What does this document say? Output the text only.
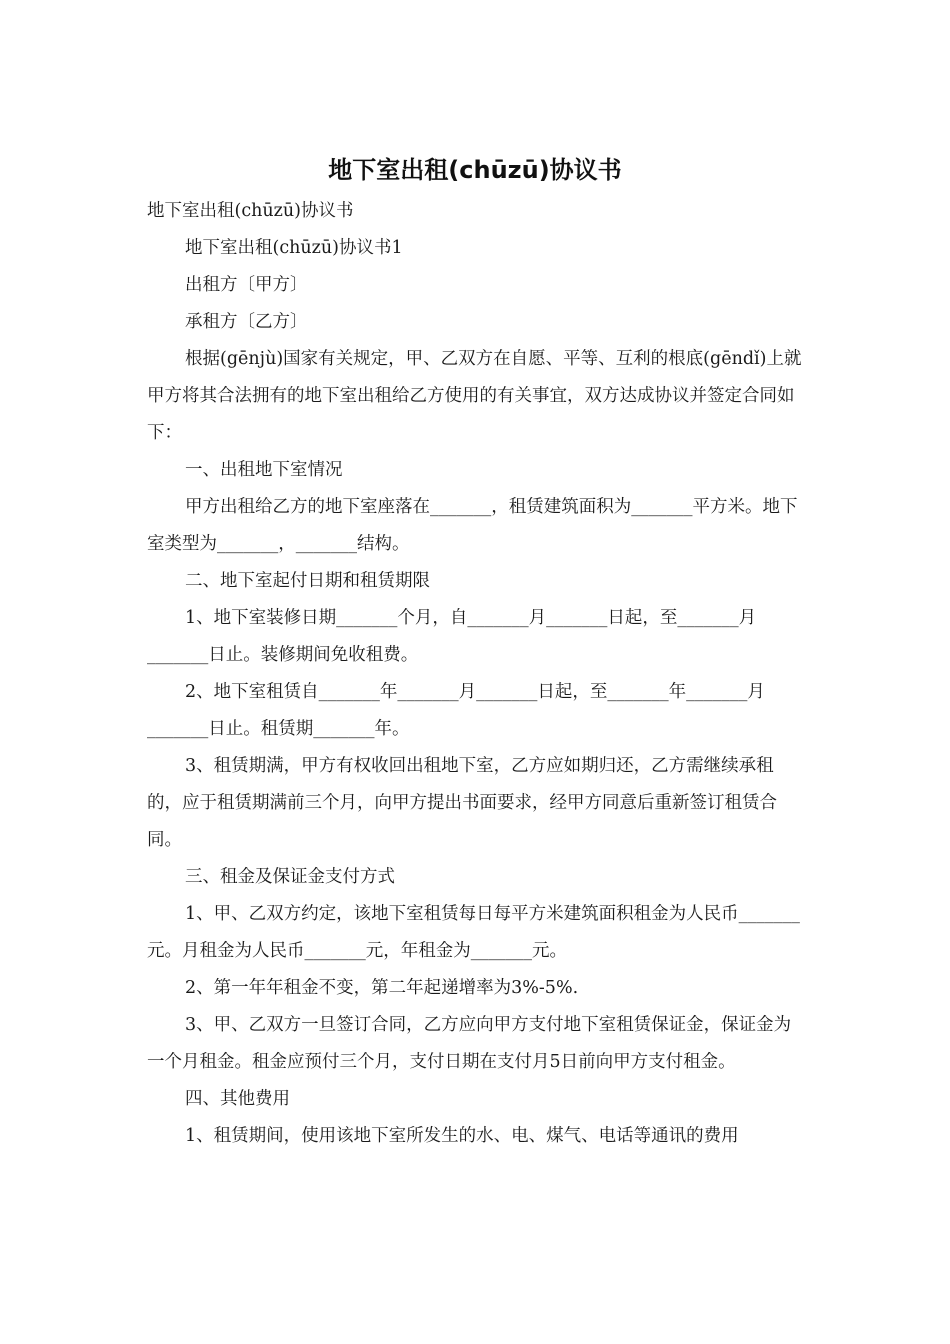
地下室出租(chūzū)协议书

地下室出租(chūzū)协议书

地下室出租(chūzū)协议书1

出租方〔甲方〕

承租方〔乙方〕

根据(gēnjù)国家有关规定，甲、乙双方在自愿、平等、互利的根底(gēndǐ)上就甲方将其合法拥有的地下室出租给乙方使用的有关事宜，双方达成协议并签定合同如下：

一、出租地下室情况

甲方出租给乙方的地下室座落在_______，租赁建筑面积为_______平方米。地下室类型为_______，_______结构。

二、地下室起付日期和租赁期限

1、地下室装修日期_______个月，自_______月_______日起，至_______月_______日止。装修期间免收租费。

2、地下室租赁自_______年_______月_______日起，至_______年_______月_______日止。租赁期_______年。

3、租赁期满，甲方有权收回出租地下室，乙方应如期归还，乙方需继续承租的，应于租赁期满前三个月，向甲方提出书面要求，经甲方同意后重新签订租赁合同。

三、租金及保证金支付方式

1、甲、乙双方约定，该地下室租赁每日每平方米建筑面积租金为人民币_______元。月租金为人民币_______元，年租金为_______元。

2、第一年年租金不变，第二年起递增率为3%-5%.

3、甲、乙双方一旦签订合同，乙方应向甲方支付地下室租赁保证金，保证金为一个月租金。租金应预付三个月，支付日期在支付月5日前向甲方支付租金。

四、其他费用

1、租赁期间，使用该地下室所发生的水、电、煤气、电话等通讯的费用
